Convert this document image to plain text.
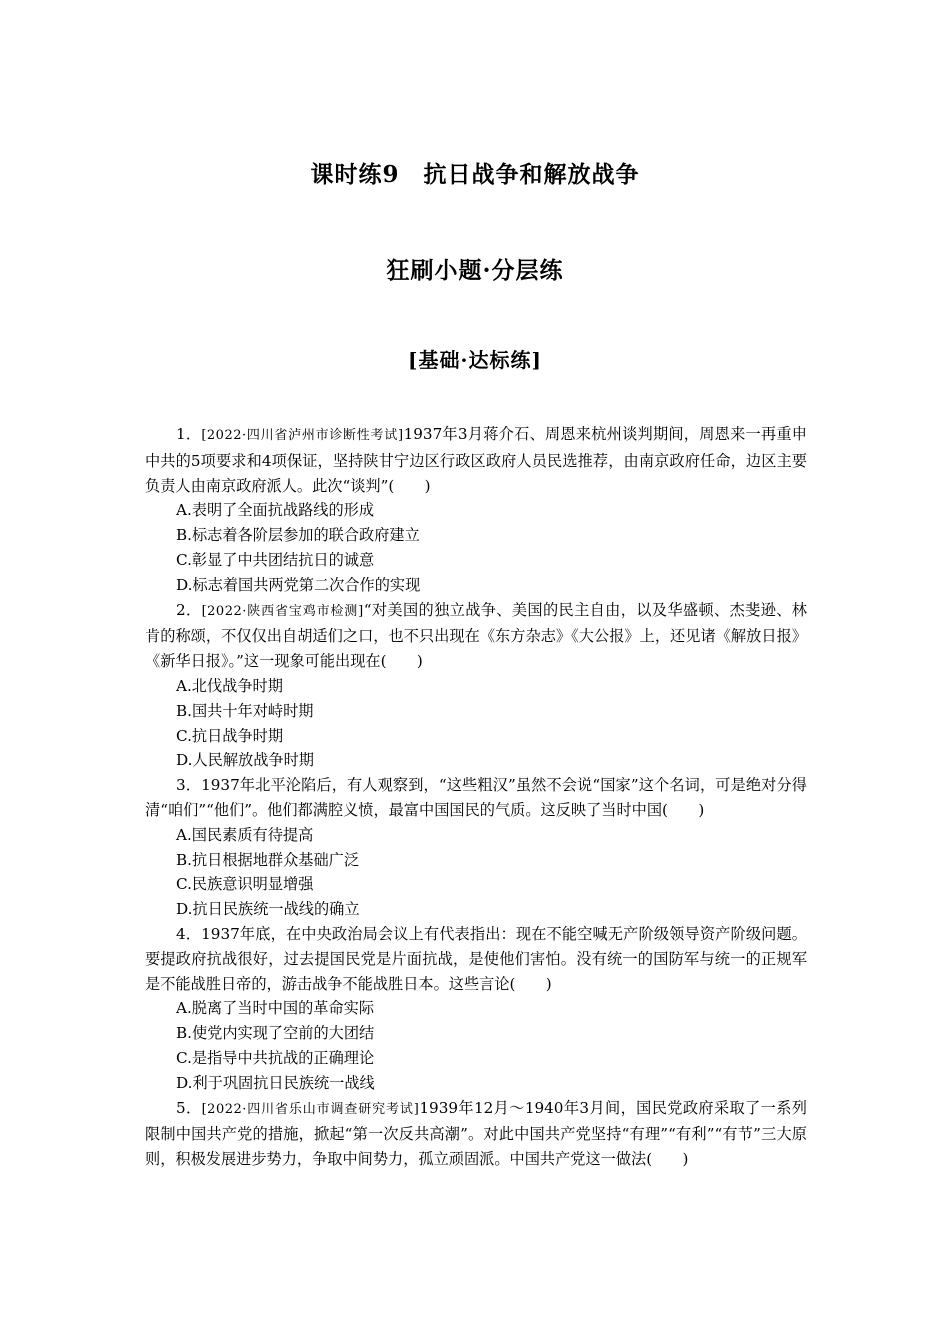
课时练9　抗日战争和解放战争
狂刷小题·分层练
[基础·达标练]

1．[2022·四川省泸州市诊断性考试]1937年3月蒋介石、周恩来杭州谈判期间，周恩来一再重申中共的5项要求和4项保证，坚持陕甘宁边区行政区政府人员民选推荐，由南京政府任命，边区主要负责人由南京政府派人。此次“谈判”(　　)

A.表明了全面抗战路线的形成

B.标志着各阶层参加的联合政府建立

C.彰显了中共团结抗日的诚意

D.标志着国共两党第二次合作的实现

2．[2022·陕西省宝鸡市检测]“对美国的独立战争、美国的民主自由，以及华盛顿、杰斐逊、林肯的称颂，不仅仅出自胡适们之口，也不只出现在《东方杂志》《大公报》上，还见诸《解放日报》《新华日报》。”这一现象可能出现在(　　)

A.北伐战争时期

B.国共十年对峙时期

C.抗日战争时期

D.人民解放战争时期

3．1937年北平沦陷后，有人观察到，“这些粗汉”虽然不会说“国家”这个名词，可是绝对分得清“咱们”“他们”。他们都满腔义愤，最富中国国民的气质。这反映了当时中国(　　)

A.国民素质有待提高

B.抗日根据地群众基础广泛

C.民族意识明显增强

D.抗日民族统一战线的确立

4．1937年底，在中央政治局会议上有代表指出：现在不能空喊无产阶级领导资产阶级问题。要提政府抗战很好，过去提国民党是片面抗战，是使他们害怕。没有统一的国防军与统一的正规军是不能战胜日帝的，游击战争不能战胜日本。这些言论(　　)

A.脱离了当时中国的革命实际

B.使党内实现了空前的大团结

C.是指导中共抗战的正确理论

D.利于巩固抗日民族统一战线

5．[2022·四川省乐山市调查研究考试]1939年12月～1940年3月间，国民党政府采取了一系列限制中国共产党的措施，掀起“第一次反共高潮”。对此中国共产党坚持“有理”“有利”“有节”三大原则，积极发展进步势力，争取中间势力，孤立顽固派。中国共产党这一做法(　　)
